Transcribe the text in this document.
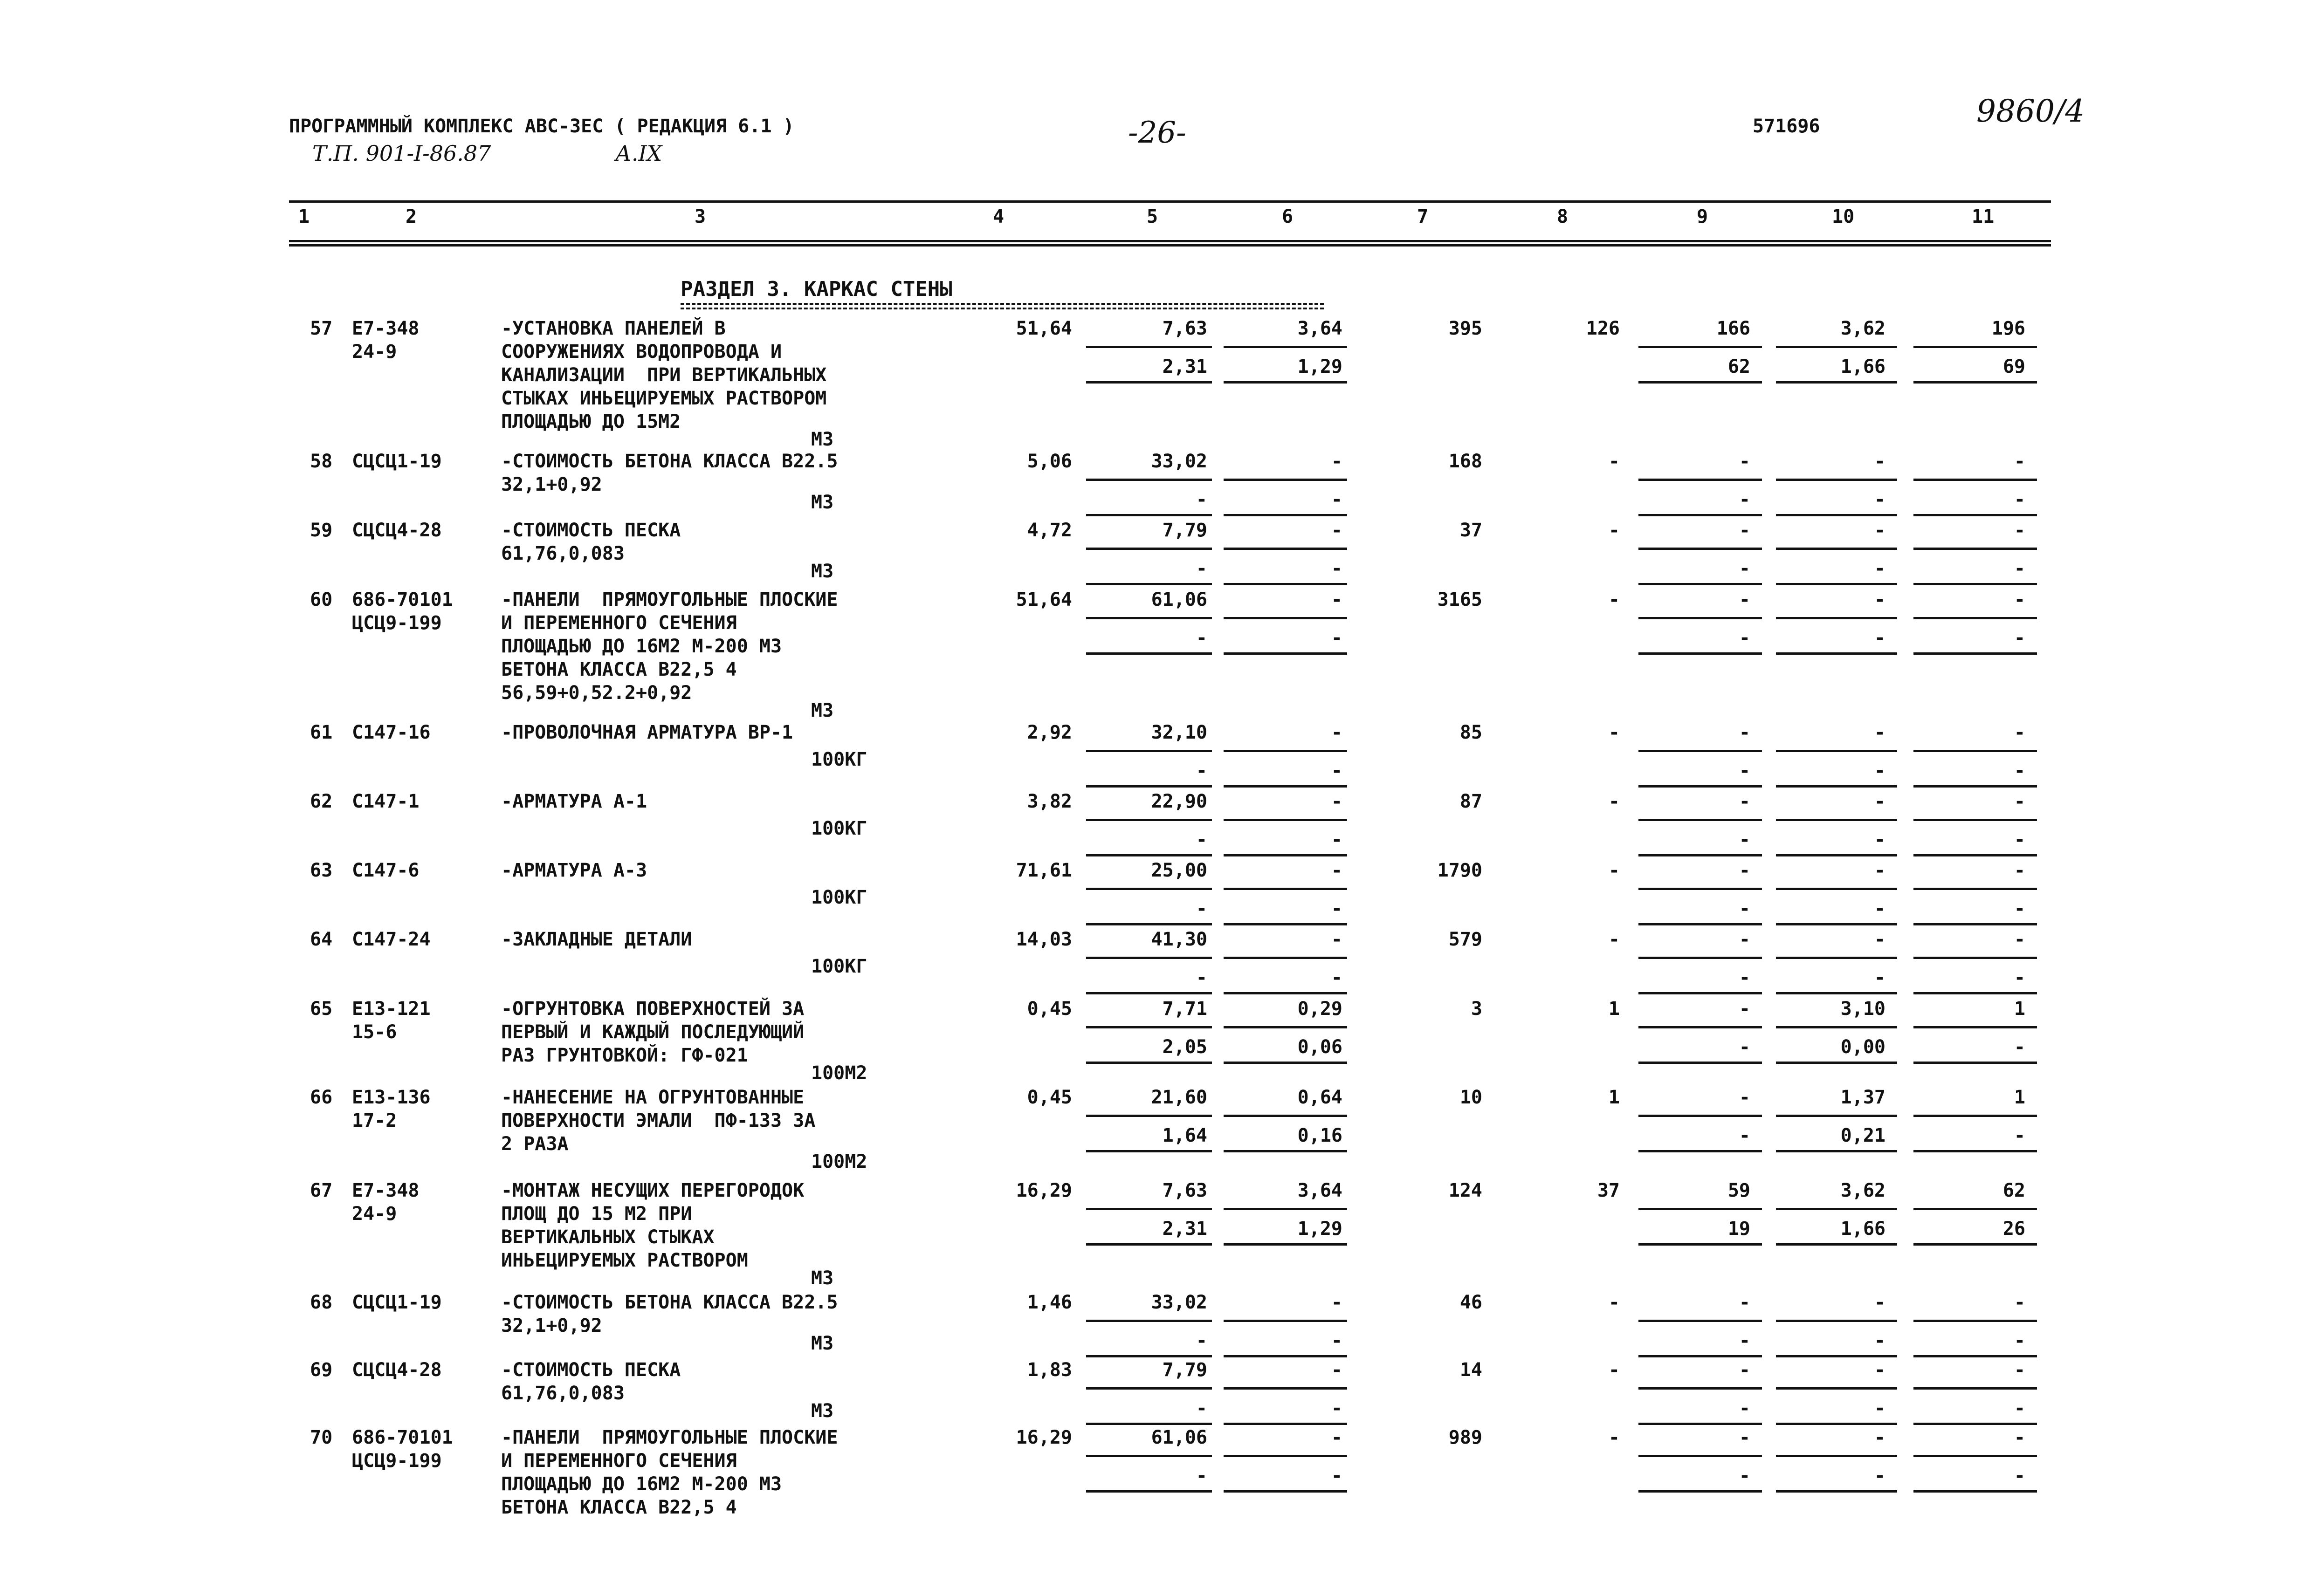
ПРОГРАММНЫЙ КОМПЛЕКС АВС-ЗЕС ( РЕДАКЦИЯ 6.1 )
Т.П. 901-I-86.87	А.IX
-26-	571696	9860/4
1	2	3	4	5	6	7	8	9	10	11
РАЗДЕЛ 3. КАРКАС СТЕНЫ
57 Е7-348
24-9
-УСТАНОВКА ПАНЕЛЕЙ В
СООРУЖЕНИЯХ ВОДОПРОВОДА И
КАНАЛИЗАЦИИ  ПРИ ВЕРТИКАЛЬНЫХ
СТЫКАХ ИНЬЕЦИРУЕМЫХ РАСТВОРОМ
ПЛОЩАДЬЮ ДО 15М2
М3
51,64	7,63	3,64	395	126	166	3,62	196
2,31	1,29	62	1,66	69
58 СЦСЦ1-19	-СТОИМОСТЬ БЕТОНА КЛАССА В22.5
32,1+0,92
М3
5,06	33,02	-	168	-	-	-	-
-	-	-	-	-
59 СЦСЦ4-28	-СТОИМОСТЬ ПЕСКА
61,76,0,083
М3
4,72	7,79	-	37	-	-	-	-
-	-	-	-	-
60 686-70101
ЦСЦ9-199
-ПАНЕЛИ  ПРЯМОУГОЛЬНЫЕ ПЛОСКИЕ
И ПЕРЕМЕННОГО СЕЧЕНИЯ
ПЛОЩАДЬЮ ДО 16М2 М-200 М3
БЕТОНА КЛАССА В22,5 4
56,59+0,52.2+0,92
М3
51,64	61,06	-	3165	-	-	-	-
-	-	-	-	-
61 С147-16	-ПРОВОЛОЧНАЯ АРМАТУРА ВР-1
100КГ
2,92	32,10	-	85	-	-	-	-
-	-	-	-	-
62 С147-1	-АРМАТУРА А-1
100КГ
3,82	22,90	-	87	-	-	-	-
-	-	-	-	-
63 С147-6	-АРМАТУРА А-3
100КГ
71,61	25,00	-	1790	-	-	-	-
-	-	-	-	-
64 С147-24	-ЗАКЛАДНЫЕ ДЕТАЛИ
100КГ
14,03	41,30	-	579	-	-	-	-
-	-	-	-	-
65 Е13-121
15-6
-ОГРУНТОВКА ПОВЕРХНОСТЕЙ ЗА
ПЕРВЫЙ И КАЖДЫЙ ПОСЛЕДУЮЩИЙ
РАЗ ГРУНТОВКОЙ: ГФ-021
100М2
0,45	7,71	0,29	3	1	-	3,10	1
2,05	0,06	-	0,00	-
66 Е13-136
17-2
-НАНЕСЕНИЕ НА ОГРУНТОВАННЫЕ
ПОВЕРХНОСТИ ЭМАЛИ  ПФ-133 ЗА
2 РАЗА
100М2
0,45	21,60	0,64	10	1	-	1,37	1
1,64	0,16	-	0,21	-
67 Е7-348
24-9
-МОНТАЖ НЕСУЩИХ ПЕРЕГОРОДОК
ПЛОЩ ДО 15 М2 ПРИ
ВЕРТИКАЛЬНЫХ СТЫКАХ
ИНЬЕЦИРУЕМЫХ РАСТВОРОМ
М3
16,29	7,63	3,64	124	37	59	3,62	62
2,31	1,29	19	1,66	26
68 СЦСЦ1-19	-СТОИМОСТЬ БЕТОНА КЛАССА В22.5
32,1+0,92
М3
1,46	33,02	-	46	-	-	-	-
-	-	-	-	-
69 СЦСЦ4-28	-СТОИМОСТЬ ПЕСКА
61,76,0,083
М3
1,83	7,79	-	14	-	-	-	-
-	-	-	-	-
70 686-70101
ЦСЦ9-199
-ПАНЕЛИ  ПРЯМОУГОЛЬНЫЕ ПЛОСКИЕ
И ПЕРЕМЕННОГО СЕЧЕНИЯ
ПЛОЩАДЬЮ ДО 16М2 М-200 М3
БЕТОНА КЛАССА В22,5 4
16,29	61,06	-	989	-	-	-	-
-	-	-	-	-
